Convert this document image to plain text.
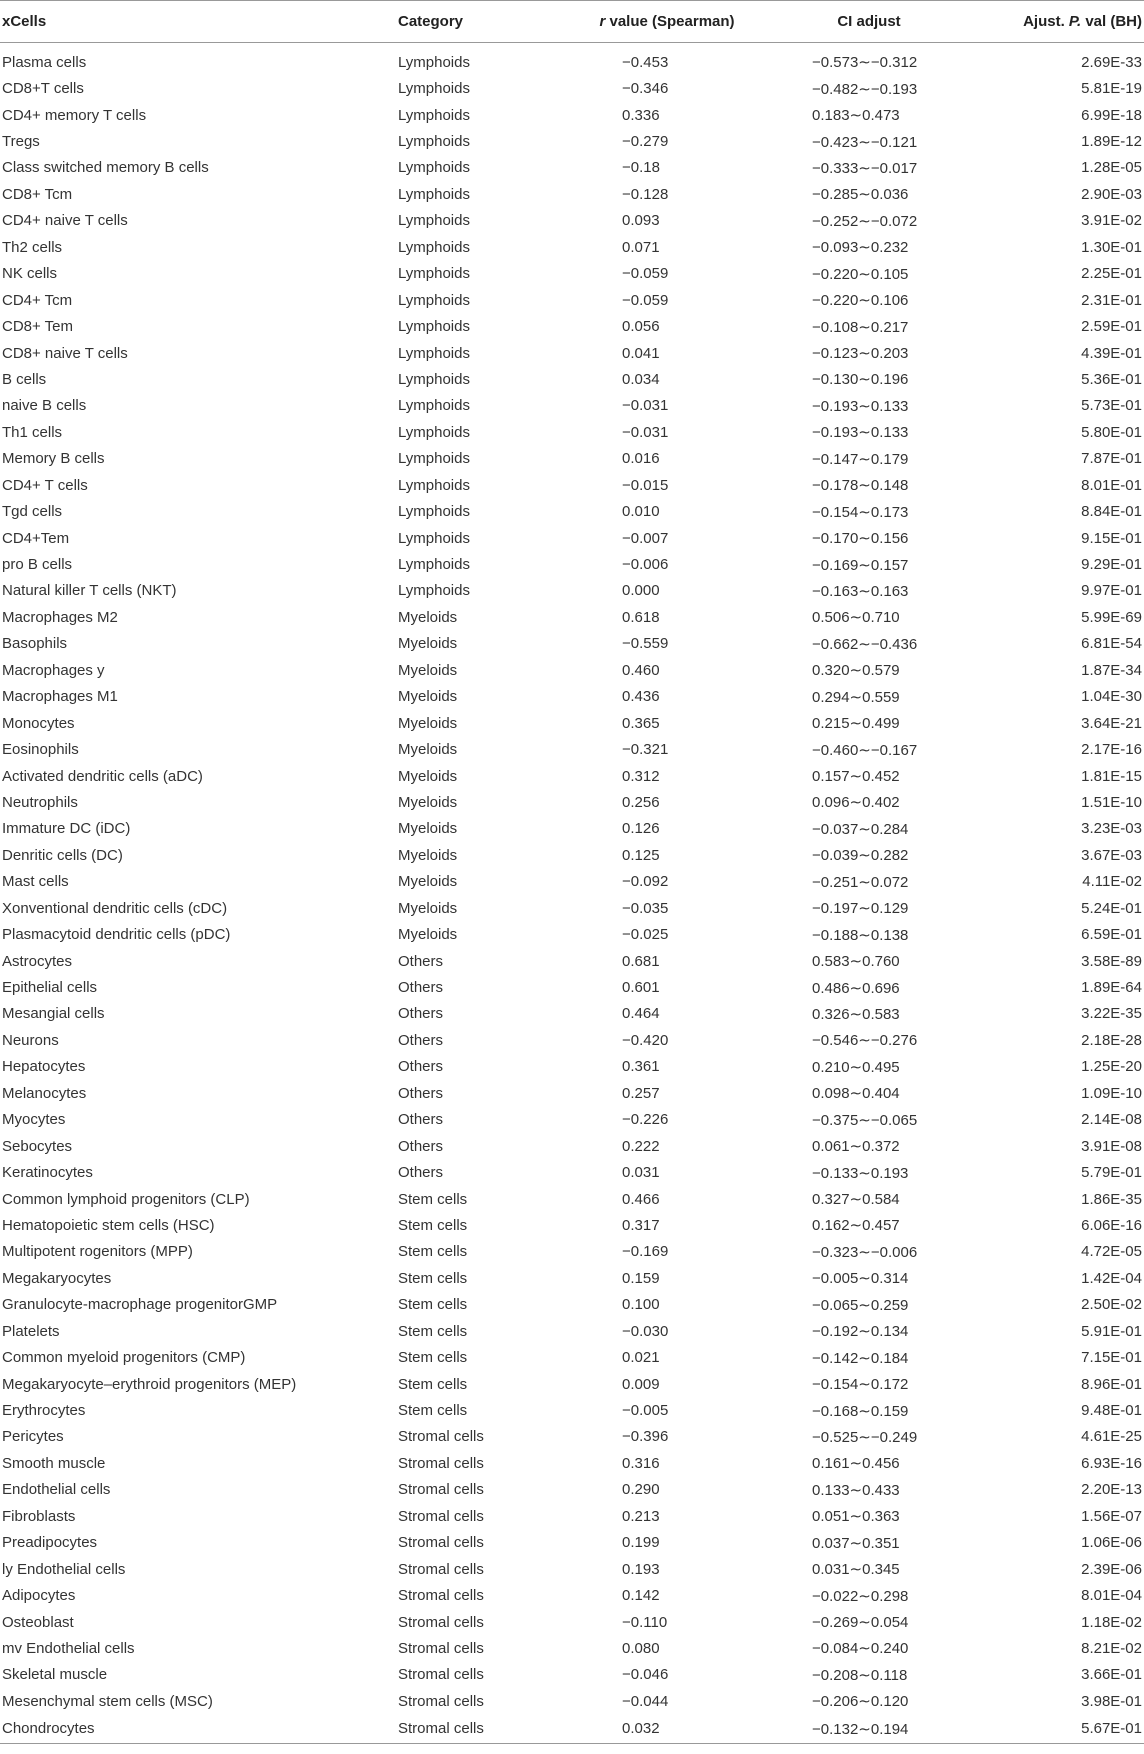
xCells	Category	r value (Spearman)	CI adjust	Ajust. P. val (BH)
Plasma cells	Lymphoids	−0.453	−0.573∼−0.312	2.69E-33
CD8+T cells	Lymphoids	−0.346	−0.482∼−0.193	5.81E-19
CD4+ memory T cells	Lymphoids	0.336	0.183∼0.473	6.99E-18
Tregs	Lymphoids	−0.279	−0.423∼−0.121	1.89E-12
Class switched memory B cells	Lymphoids	−0.18	−0.333∼−0.017	1.28E-05
CD8+ Tcm	Lymphoids	−0.128	−0.285∼0.036	2.90E-03
CD4+ naive T cells	Lymphoids	0.093	−0.252∼−0.072	3.91E-02
Th2 cells	Lymphoids	0.071	−0.093∼0.232	1.30E-01
NK cells	Lymphoids	−0.059	−0.220∼0.105	2.25E-01
CD4+ Tcm	Lymphoids	−0.059	−0.220∼0.106	2.31E-01
CD8+ Tem	Lymphoids	0.056	−0.108∼0.217	2.59E-01
CD8+ naive T cells	Lymphoids	0.041	−0.123∼0.203	4.39E-01
B cells	Lymphoids	0.034	−0.130∼0.196	5.36E-01
naive B cells	Lymphoids	−0.031	−0.193∼0.133	5.73E-01
Th1 cells	Lymphoids	−0.031	−0.193∼0.133	5.80E-01
Memory B cells	Lymphoids	0.016	−0.147∼0.179	7.87E-01
CD4+ T cells	Lymphoids	−0.015	−0.178∼0.148	8.01E-01
Tgd cells	Lymphoids	0.010	−0.154∼0.173	8.84E-01
CD4+Tem	Lymphoids	−0.007	−0.170∼0.156	9.15E-01
pro B cells	Lymphoids	−0.006	−0.169∼0.157	9.29E-01
Natural killer T cells (NKT)	Lymphoids	0.000	−0.163∼0.163	9.97E-01
Macrophages M2	Myeloids	0.618	0.506∼0.710	5.99E-69
Basophils	Myeloids	−0.559	−0.662∼−0.436	6.81E-54
Macrophages y	Myeloids	0.460	0.320∼0.579	1.87E-34
Macrophages M1	Myeloids	0.436	0.294∼0.559	1.04E-30
Monocytes	Myeloids	0.365	0.215∼0.499	3.64E-21
Eosinophils	Myeloids	−0.321	−0.460∼−0.167	2.17E-16
Activated dendritic cells (aDC)	Myeloids	0.312	0.157∼0.452	1.81E-15
Neutrophils	Myeloids	0.256	0.096∼0.402	1.51E-10
Immature DC (iDC)	Myeloids	0.126	−0.037∼0.284	3.23E-03
Denritic cells (DC)	Myeloids	0.125	−0.039∼0.282	3.67E-03
Mast cells	Myeloids	−0.092	−0.251∼0.072	4.11E-02
Xonventional dendritic cells (cDC)	Myeloids	−0.035	−0.197∼0.129	5.24E-01
Plasmacytoid dendritic cells (pDC)	Myeloids	−0.025	−0.188∼0.138	6.59E-01
Astrocytes	Others	0.681	0.583∼0.760	3.58E-89
Epithelial cells	Others	0.601	0.486∼0.696	1.89E-64
Mesangial cells	Others	0.464	0.326∼0.583	3.22E-35
Neurons	Others	−0.420	−0.546∼−0.276	2.18E-28
Hepatocytes	Others	0.361	0.210∼0.495	1.25E-20
Melanocytes	Others	0.257	0.098∼0.404	1.09E-10
Myocytes	Others	−0.226	−0.375∼−0.065	2.14E-08
Sebocytes	Others	0.222	0.061∼0.372	3.91E-08
Keratinocytes	Others	0.031	−0.133∼0.193	5.79E-01
Common lymphoid progenitors (CLP)	Stem cells	0.466	0.327∼0.584	1.86E-35
Hematopoietic stem cells (HSC)	Stem cells	0.317	0.162∼0.457	6.06E-16
Multipotent rogenitors (MPP)	Stem cells	−0.169	−0.323∼−0.006	4.72E-05
Megakaryocytes	Stem cells	0.159	−0.005∼0.314	1.42E-04
Granulocyte-macrophage progenitorGMP	Stem cells	0.100	−0.065∼0.259	2.50E-02
Platelets	Stem cells	−0.030	−0.192∼0.134	5.91E-01
Common myeloid progenitors (CMP)	Stem cells	0.021	−0.142∼0.184	7.15E-01
Megakaryocyte–erythroid progenitors (MEP)	Stem cells	0.009	−0.154∼0.172	8.96E-01
Erythrocytes	Stem cells	−0.005	−0.168∼0.159	9.48E-01
Pericytes	Stromal cells	−0.396	−0.525∼−0.249	4.61E-25
Smooth muscle	Stromal cells	0.316	0.161∼0.456	6.93E-16
Endothelial cells	Stromal cells	0.290	0.133∼0.433	2.20E-13
Fibroblasts	Stromal cells	0.213	0.051∼0.363	1.56E-07
Preadipocytes	Stromal cells	0.199	0.037∼0.351	1.06E-06
ly Endothelial cells	Stromal cells	0.193	0.031∼0.345	2.39E-06
Adipocytes	Stromal cells	0.142	−0.022∼0.298	8.01E-04
Osteoblast	Stromal cells	−0.110	−0.269∼0.054	1.18E-02
mv Endothelial cells	Stromal cells	0.080	−0.084∼0.240	8.21E-02
Skeletal muscle	Stromal cells	−0.046	−0.208∼0.118	3.66E-01
Mesenchymal stem cells (MSC)	Stromal cells	−0.044	−0.206∼0.120	3.98E-01
Chondrocytes	Stromal cells	0.032	−0.132∼0.194	5.67E-01
